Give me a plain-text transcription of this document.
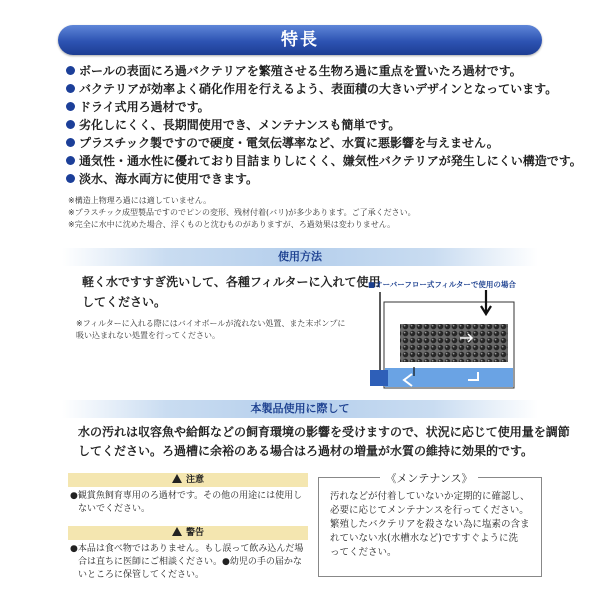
特長
ボールの表面にろ過バクテリアを繁殖させる生物ろ過に重点を置いたろ過材です。
バクテリアが効率よく硝化作用を行えるよう、表面積の大きいデザインとなっています。
ドライ式用ろ過材です。
劣化しにくく、長期間使用でき、メンテナンスも簡単です。
プラスチック製ですので硬度・電気伝導率など、水質に悪影響を与えません。
通気性・通水性に優れており目詰まりしにくく、嫌気性バクテリアが発生しにくい構造です。
淡水、海水両方に使用できます。
※構造上物理ろ過には適していません。
※プラスチック成型製品ですのでピンの変形、残材付着(バリ)が多少あります。ご了承ください。
※完全に水中に沈めた場合、浮くものと沈むものがありますが、ろ過効果は変わりません。
使用方法
軽く水ですすぎ洗いして、各種フィルターに入れて使用
してください。
※フィルターに入れる際にはバイオボールが流れない処置、また末ポンプに
吸い込まれない処置を行ってください。
■オーバーフロー式フィルターで使用の場合
本製品使用に際して
水の汚れは収容魚や給餌などの飼育環境の影響を受けますので、状況に応じて使用量を調節
してください。ろ過槽に余裕のある場合はろ過材の増量が水質の維持に効果的です。
注意
●観賞魚飼育専用のろ過材です。その他の用途には使用し
ないでください。
警告
●本品は食べ物ではありません。もし誤って飲み込んだ場
合は直ちに医師にご相談ください。●幼児の手の届かな
いところに保管してください。
《メンテナンス》
汚れなどが付着していないか定期的に確認し、
必要に応じてメンテナンスを行ってください。
繁殖したバクテリアを殺さない為に塩素の含ま
れていない水(水槽水など)ですすぐように洗
ってください。
